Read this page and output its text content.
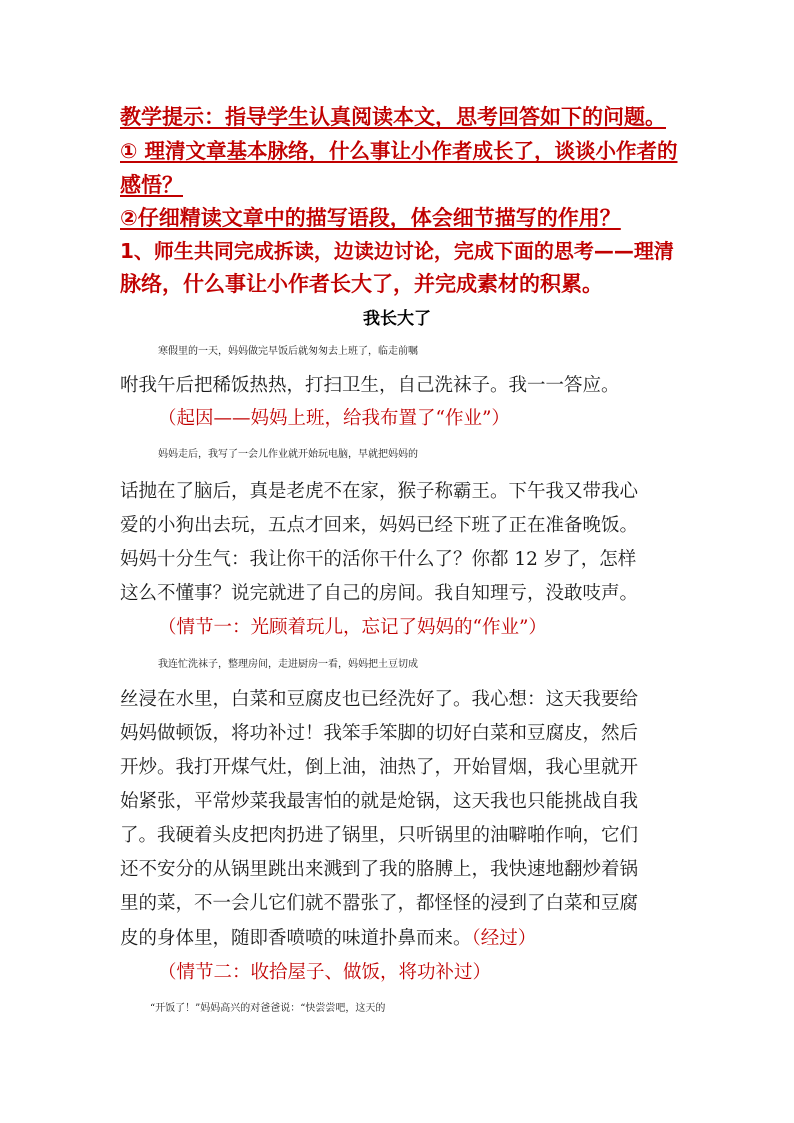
教学提示：指导学生认真阅读本文，思考回答如下的问题。
① 理清文章基本脉络，什么事让小作者成长了，谈谈小作者的
感悟？
②仔细精读文章中的描写语段，体会细节描写的作用？
1、师生共同完成拆读，边读边讨论，完成下面的思考——理清
脉络，什么事让小作者长大了，并完成素材的积累。
我长大了
寒假里的一天，妈妈做完早饭后就匆匆去上班了，临走前嘱
咐我午后把稀饭热热，打扫卫生，自己洗袜子。我一一答应。
（起因——妈妈上班，给我布置了“作业”）
妈妈走后，我写了一会儿作业就开始玩电脑，早就把妈妈的
话抛在了脑后，真是老虎不在家，猴子称霸王。下午我又带我心
爱的小狗出去玩，五点才回来，妈妈已经下班了正在准备晚饭。
妈妈十分生气：我让你干的活你干什么了？你都 12 岁了，怎样
这么不懂事？说完就进了自己的房间。我自知理亏，没敢吱声。
（情节一：光顾着玩儿，忘记了妈妈的“作业”）
我连忙洗袜子，整理房间，走进厨房一看，妈妈把土豆切成
丝浸在水里，白菜和豆腐皮也已经洗好了。我心想：这天我要给
妈妈做顿饭，将功补过！我笨手笨脚的切好白菜和豆腐皮，然后
开炒。我打开煤气灶，倒上油，油热了，开始冒烟，我心里就开
始紧张，平常炒菜我最害怕的就是炝锅，这天我也只能挑战自我
了。我硬着头皮把肉扔进了锅里，只听锅里的油噼啪作响，它们
还不安分的从锅里跳出来溅到了我的胳膊上，我快速地翻炒着锅
里的菜，不一会儿它们就不嚣张了，都怪怪的浸到了白菜和豆腐
皮的身体里，随即香喷喷的味道扑鼻而来。（经过）
（情节二：收拾屋子、做饭，将功补过）
“开饭了！”妈妈高兴的对爸爸说：“快尝尝吧，这天的
